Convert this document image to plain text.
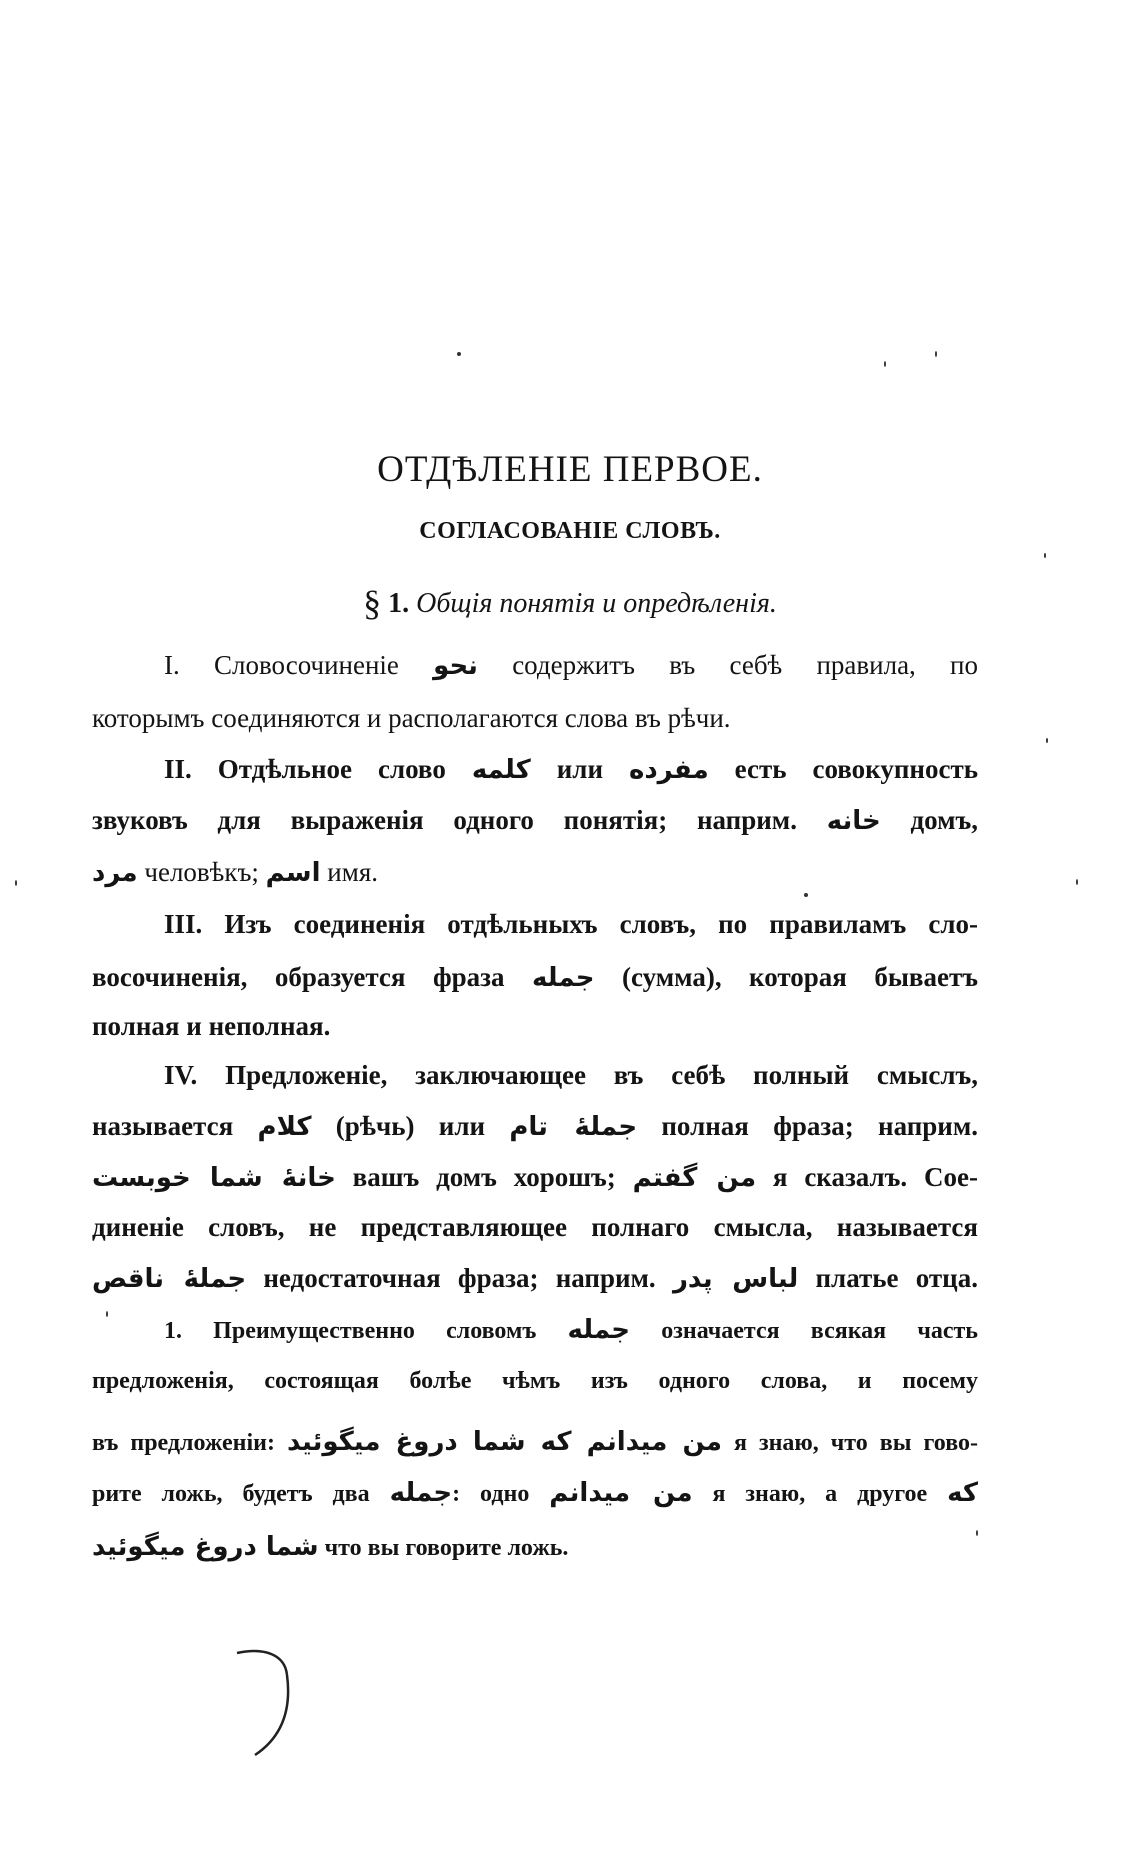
ОТДѢЛЕНІЕ ПЕРВОЕ.
СОГЛАСОВАНІЕ СЛОВЪ.
§ 1. Общія понятія и опредѣленія.
I. Словосочиненіе نحو содержитъ въ себѣ правила, по
которымъ соединяются и располагаются слова въ рѣчи.
II. Отдѣльное слово كلمه или مفرده есть совокупность
звуковъ для выраженія одного понятія; наприм. خانه домъ,
مرد человѣкъ; اسم имя.
III. Изъ соединенія отдѣльныхъ словъ, по правиламъ сло-
восочиненія, образуется фраза جمله (сумма), которая бываетъ
полная и неполная.
IV. Предложеніе, заключающее въ себѣ полный смыслъ,
называется كلام (рѣчь) или جملهٔ تام полная фраза; наприм.
خانهٔ شما خوبست вашъ домъ хорошъ; من گفتم я сказалъ. Сое-
диненіе словъ, не представляющее полнаго смысла, называется
جملهٔ ناقص недостаточная фраза; наприм. لباس پدر платье отца.
1. Преимущественно словомъ جمله означается всякая часть
предложенія, состоящая болѣе чѣмъ изъ одного слова, и посему
въ предложеніи: من ميدانم كه شما دروغ ميگوئيد я знаю, что вы гово-
рите ложь, будетъ два جمله: одно من ميدانم я знаю, а другое كه
شما دروغ ميگوئيد что вы говорите ложь.
